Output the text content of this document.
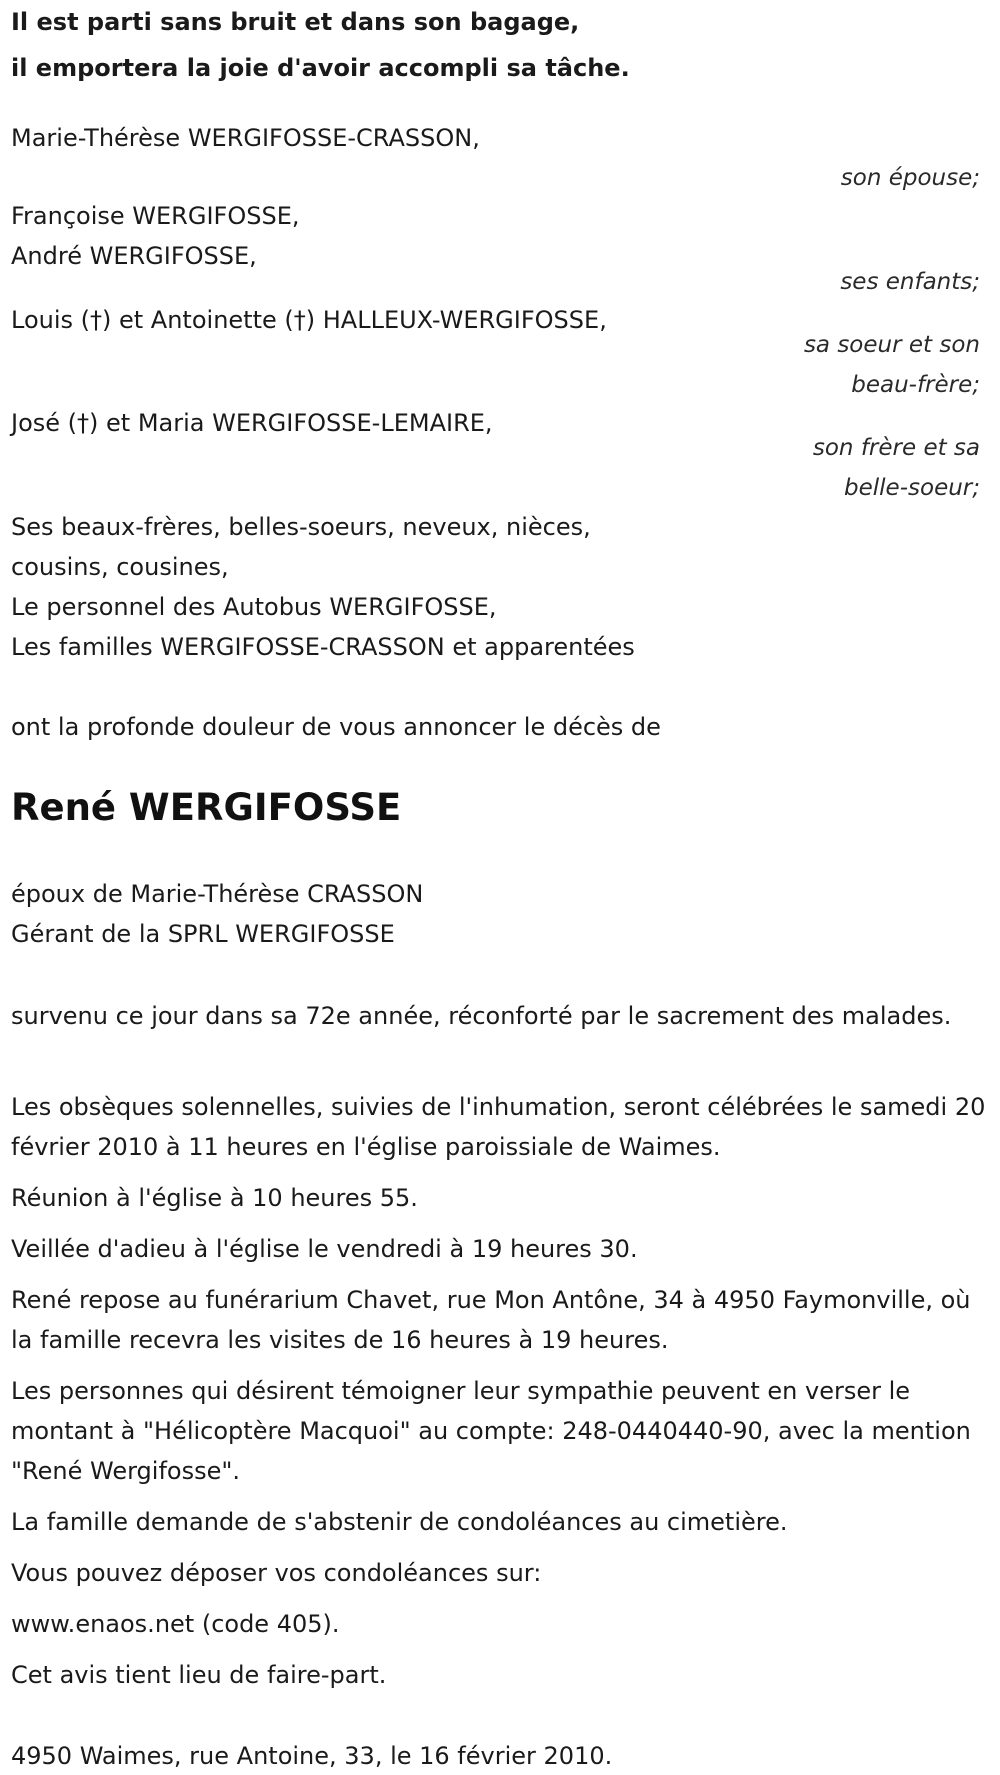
Il est parti sans bruit et dans son bagage,
il emportera la joie d'avoir accompli sa tâche.
Marie-Thérèse WERGIFOSSE-CRASSON,
son épouse;
Françoise WERGIFOSSE,
André WERGIFOSSE,
ses enfants;
Louis (†) et Antoinette (†) HALLEUX-WERGIFOSSE,
sa soeur et son
beau-frère;
José (†) et Maria WERGIFOSSE-LEMAIRE,
son frère et sa
belle-soeur;
Ses beaux-frères, belles-soeurs, neveux, nièces,
cousins, cousines,
Le personnel des Autobus WERGIFOSSE,
Les familles WERGIFOSSE-CRASSON et apparentées
ont la profonde douleur de vous annoncer le décès de
René WERGIFOSSE
époux de Marie-Thérèse CRASSON
Gérant de la SPRL WERGIFOSSE
survenu ce jour dans sa 72e année, réconforté par le sacrement des malades.
Les obsèques solennelles, suivies de l'inhumation, seront célébrées le samedi 20 février 2010 à 11 heures en l'église paroissiale de Waimes.
Réunion à l'église à 10 heures 55.
Veillée d'adieu à l'église le vendredi à 19 heures 30.
René repose au funérarium Chavet, rue Mon Antône, 34 à 4950 Faymonville, où la famille recevra les visites de 16 heures à 19 heures.
Les personnes qui désirent témoigner leur sympathie peuvent en verser le montant à "Hélicoptère Macquoi" au compte: 248-0440440-90, avec la mention "René Wergifosse".
La famille demande de s'abstenir de condoléances au cimetière.
Vous pouvez déposer vos condoléances sur:
www.enaos.net (code 405).
Cet avis tient lieu de faire-part.
4950 Waimes, rue Antoine, 33, le 16 février 2010.
